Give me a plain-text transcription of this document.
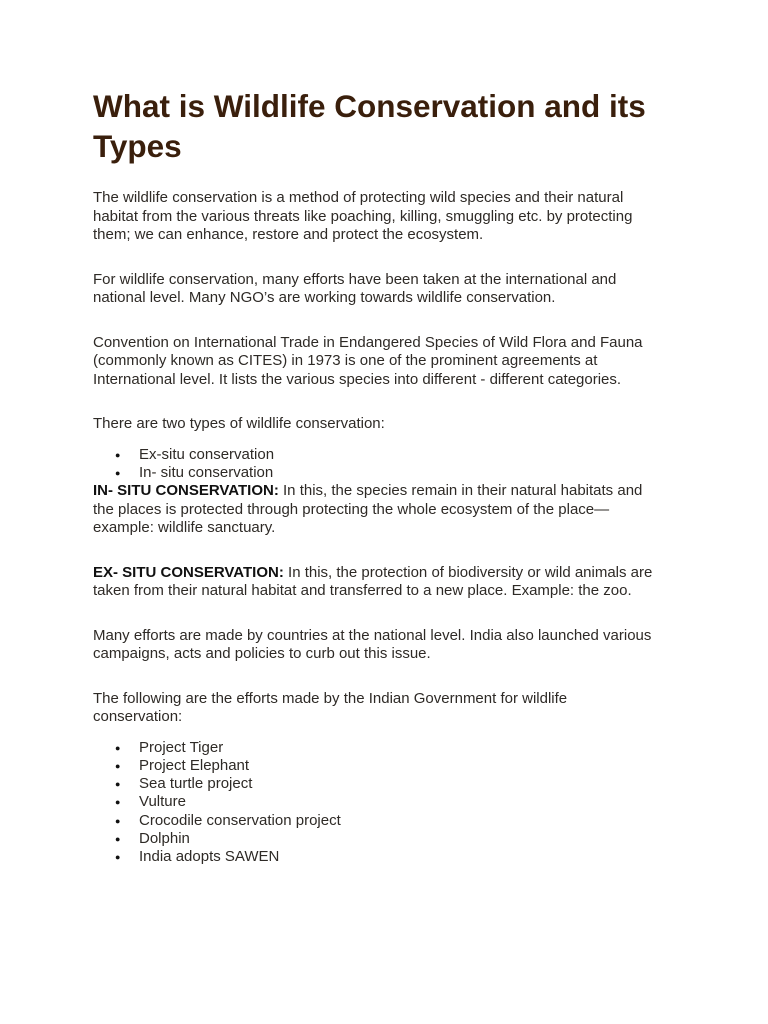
What is Wildlife Conservation and its Types

The wildlife conservation is a method of protecting wild species and their natural habitat from the various threats like poaching, killing, smuggling etc. by protecting them; we can enhance, restore and protect the ecosystem.

For wildlife conservation, many efforts have been taken at the international and national level. Many NGO’s are working towards wildlife conservation.

Convention on International Trade in Endangered Species of Wild Flora and Fauna (commonly known as CITES) in 1973 is one of the prominent agreements at International level. It lists the various species into different - different categories.

There are two types of wildlife conservation:

● Ex-situ conservation
● In- situ conservation

IN- SITU CONSERVATION: In this, the species remain in their natural habitats and the places is protected through protecting the whole ecosystem of the place—example: wildlife sanctuary.

EX- SITU CONSERVATION: In this, the protection of biodiversity or wild animals are taken from their natural habitat and transferred to a new place. Example: the zoo.

Many efforts are made by countries at the national level. India also launched various campaigns, acts and policies to curb out this issue.

The following are the efforts made by the Indian Government for wildlife conservation:

● Project Tiger
● Project Elephant
● Sea turtle project
● Vulture
● Crocodile conservation project
● Dolphin
● India adopts SAWEN
